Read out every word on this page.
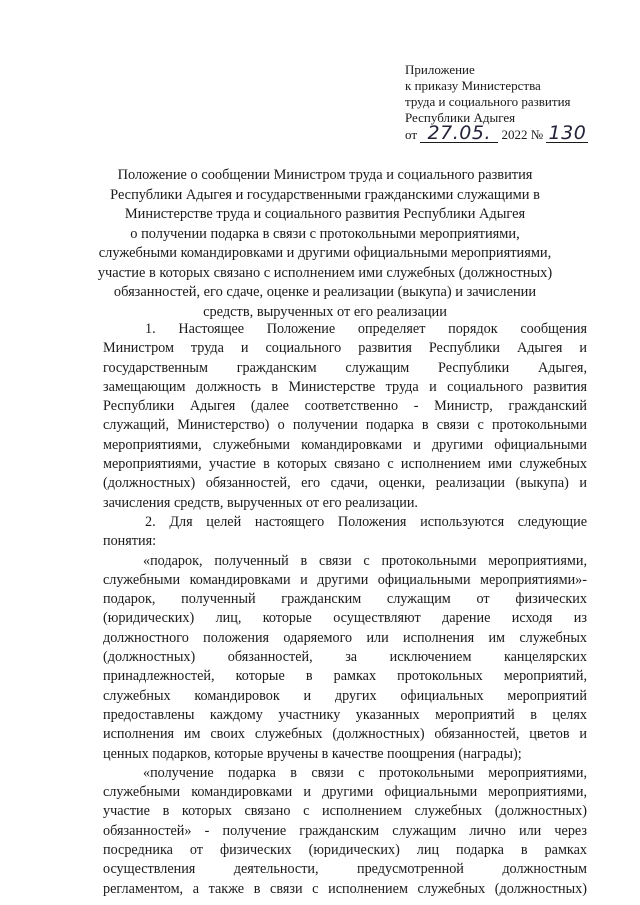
Приложение
к приказу Министерства
труда и социального развития
Республики Адыгея
от 27.05. 2022 № 130
Положение о сообщении Министром труда и социального развития
Республики Адыгея и государственными гражданскими служащими в
Министерстве труда и социального развития Республики Адыгея
о получении подарка в связи с протокольными мероприятиями,
служебными командировками и другими официальными мероприятиями,
участие в которых связано с исполнением ими служебных (должностных)
обязанностей, его сдаче, оценке и реализации (выкупа) и зачислении
средств, вырученных от его реализации
1. Настоящее Положение определяет порядок сообщения
Министром труда и социального развития Республики Адыгея и
государственным гражданским служащим Республики Адыгея,
замещающим должность в Министерстве труда и социального развития
Республики Адыгея (далее соответственно - Министр, гражданский
служащий, Министерство) о получении подарка в связи с протокольными
мероприятиями, служебными командировками и другими официальными
мероприятиями, участие в которых связано с исполнением ими служебных
(должностных) обязанностей, его сдачи, оценки, реализации (выкупа) и
зачисления средств, вырученных от его реализации.
2. Для целей настоящего Положения используются следующие
понятия:
«подарок, полученный в связи с протокольными мероприятиями,
служебными командировками и другими официальными мероприятиями»-
подарок, полученный гражданским служащим от физических
(юридических) лиц, которые осуществляют дарение исходя из
должностного положения одаряемого или исполнения им служебных
(должностных) обязанностей, за исключением канцелярских
принадлежностей, которые в рамках протокольных мероприятий,
служебных командировок и других официальных мероприятий
предоставлены каждому участнику указанных мероприятий в целях
исполнения им своих служебных (должностных) обязанностей, цветов и
ценных подарков, которые вручены в качестве поощрения (награды);
«получение подарка в связи с протокольными мероприятиями,
служебными командировками и другими официальными мероприятиями,
участие в которых связано с исполнением служебных (должностных)
обязанностей» - получение гражданским служащим лично или через
посредника от физических (юридических) лиц подарка в рамках
осуществления деятельности, предусмотренной должностным
регламентом, а также в связи с исполнением служебных (должностных)
